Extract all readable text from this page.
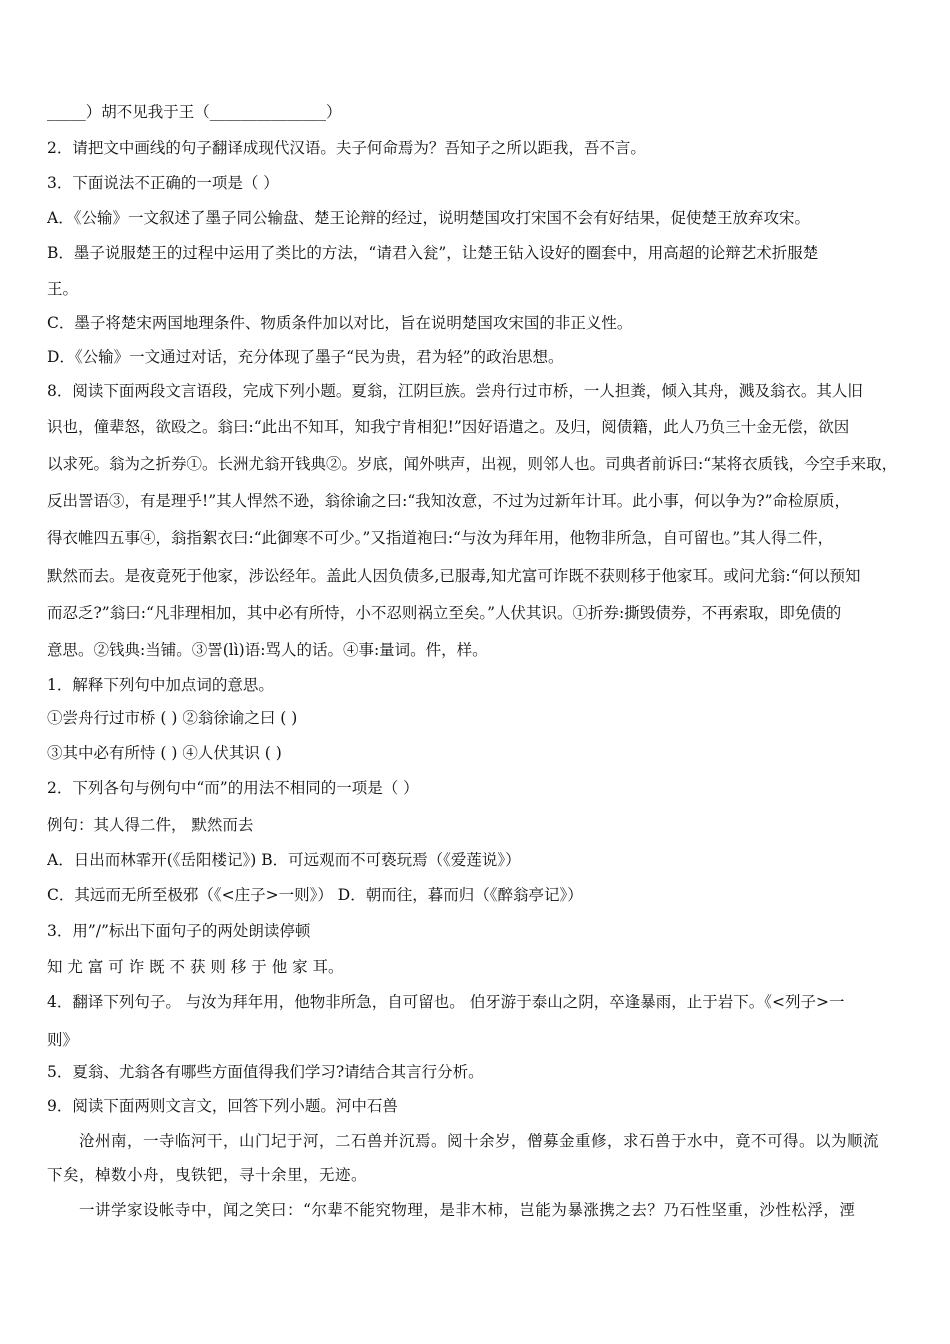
_____）胡不见我于王（_______________）
2．请把文中画线的句子翻译成现代汉语。夫子何命焉为？吾知子之所以距我，吾不言。
3．下面说法不正确的一项是（ ）
A．《公输》一文叙述了墨子同公输盘、楚王论辩的经过，说明楚国攻打宋国不会有好结果，促使楚王放弃攻宋。
B．墨子说服楚王的过程中运用了类比的方法，“请君入瓮”，让楚王钻入设好的圈套中，用高超的论辩艺术折服楚
王。
C．墨子将楚宋两国地理条件、物质条件加以对比，旨在说明楚国攻宋国的非正义性。
D．《公输》一文通过对话，充分体现了墨子“民为贵，君为轻”的政治思想。
8．阅读下面两段文言语段，完成下列小题。夏翁，江阴巨族。尝舟行过市桥，一人担粪，倾入其舟，溅及翁衣。其人旧
识也，僮辈怒，欲殴之。翁曰:“此出不知耳，知我宁肯相犯!”因好语遣之。及归，阅债籍，此人乃负三十金无偿，欲因
以求死。翁为之折券①。长洲尤翁开钱典②。岁底，闻外哄声，出视，则邻人也。司典者前诉曰:“某将衣质钱，今空手来取，
反出詈语③，有是理乎!”其人悍然不逊，翁徐谕之曰:“我知汝意，不过为过新年计耳。此小事，何以争为?”命检原质，
得衣帷四五事④，翁指絮衣曰:“此御寒不可少。”又指道袍曰:“与汝为拜年用，他物非所急，自可留也。”其人得二件，
默然而去。是夜竟死于他家，涉讼经年。盖此人因负债多,已服毒,知尤富可诈既不获则移于他家耳。或问尤翁:“何以预知
而忍乏?”翁曰:“凡非理相加，其中必有所恃，小不忍则祸立至矣。”人伏其识。①折券:撕毁债券，不再索取，即免债的
意思。②钱典:当铺。③詈(lì)语:骂人的话。④事:量词。件，样。
1．解释下列句中加点词的意思。
①尝舟行过市桥 ( ) ②翁徐谕之曰 ( )
③其中必有所恃 ( ) ④人伏其识 ( )
2．下列各句与例句中“而”的用法不相同的一项是（ ）
例句：其人得二件， 默然而去
A．日出而林霏开(《岳阳楼记》) B．可远观而不可亵玩焉（《爱莲说》）
C．其远而无所至极邪（《<庄子>一则》） D．朝而往，暮而归（《醉翁亭记》）
3．用”/”标出下面句子的两处朗读停顿
知 尤 富 可 诈 既 不 获 则 移 于 他 家 耳。
4．翻译下列句子。 与汝为拜年用，他物非所急，自可留也。 伯牙游于泰山之阴，卒逢暴雨，止于岩下。《<列子>一
则》
5．夏翁、尤翁各有哪些方面值得我们学习?请结合其言行分析。
9．阅读下面两则文言文，回答下列小题。河中石兽
沧州南，一寺临河干，山门圮于河，二石兽并沉焉。阅十余岁，僧募金重修，求石兽于水中，竟不可得。以为顺流
下矣，棹数小舟，曳铁钯，寻十余里，无迹。
一讲学家设帐寺中，闻之笑曰：“尔辈不能究物理，是非木柿，岂能为暴涨携之去？乃石性坚重，沙性松浮，湮
